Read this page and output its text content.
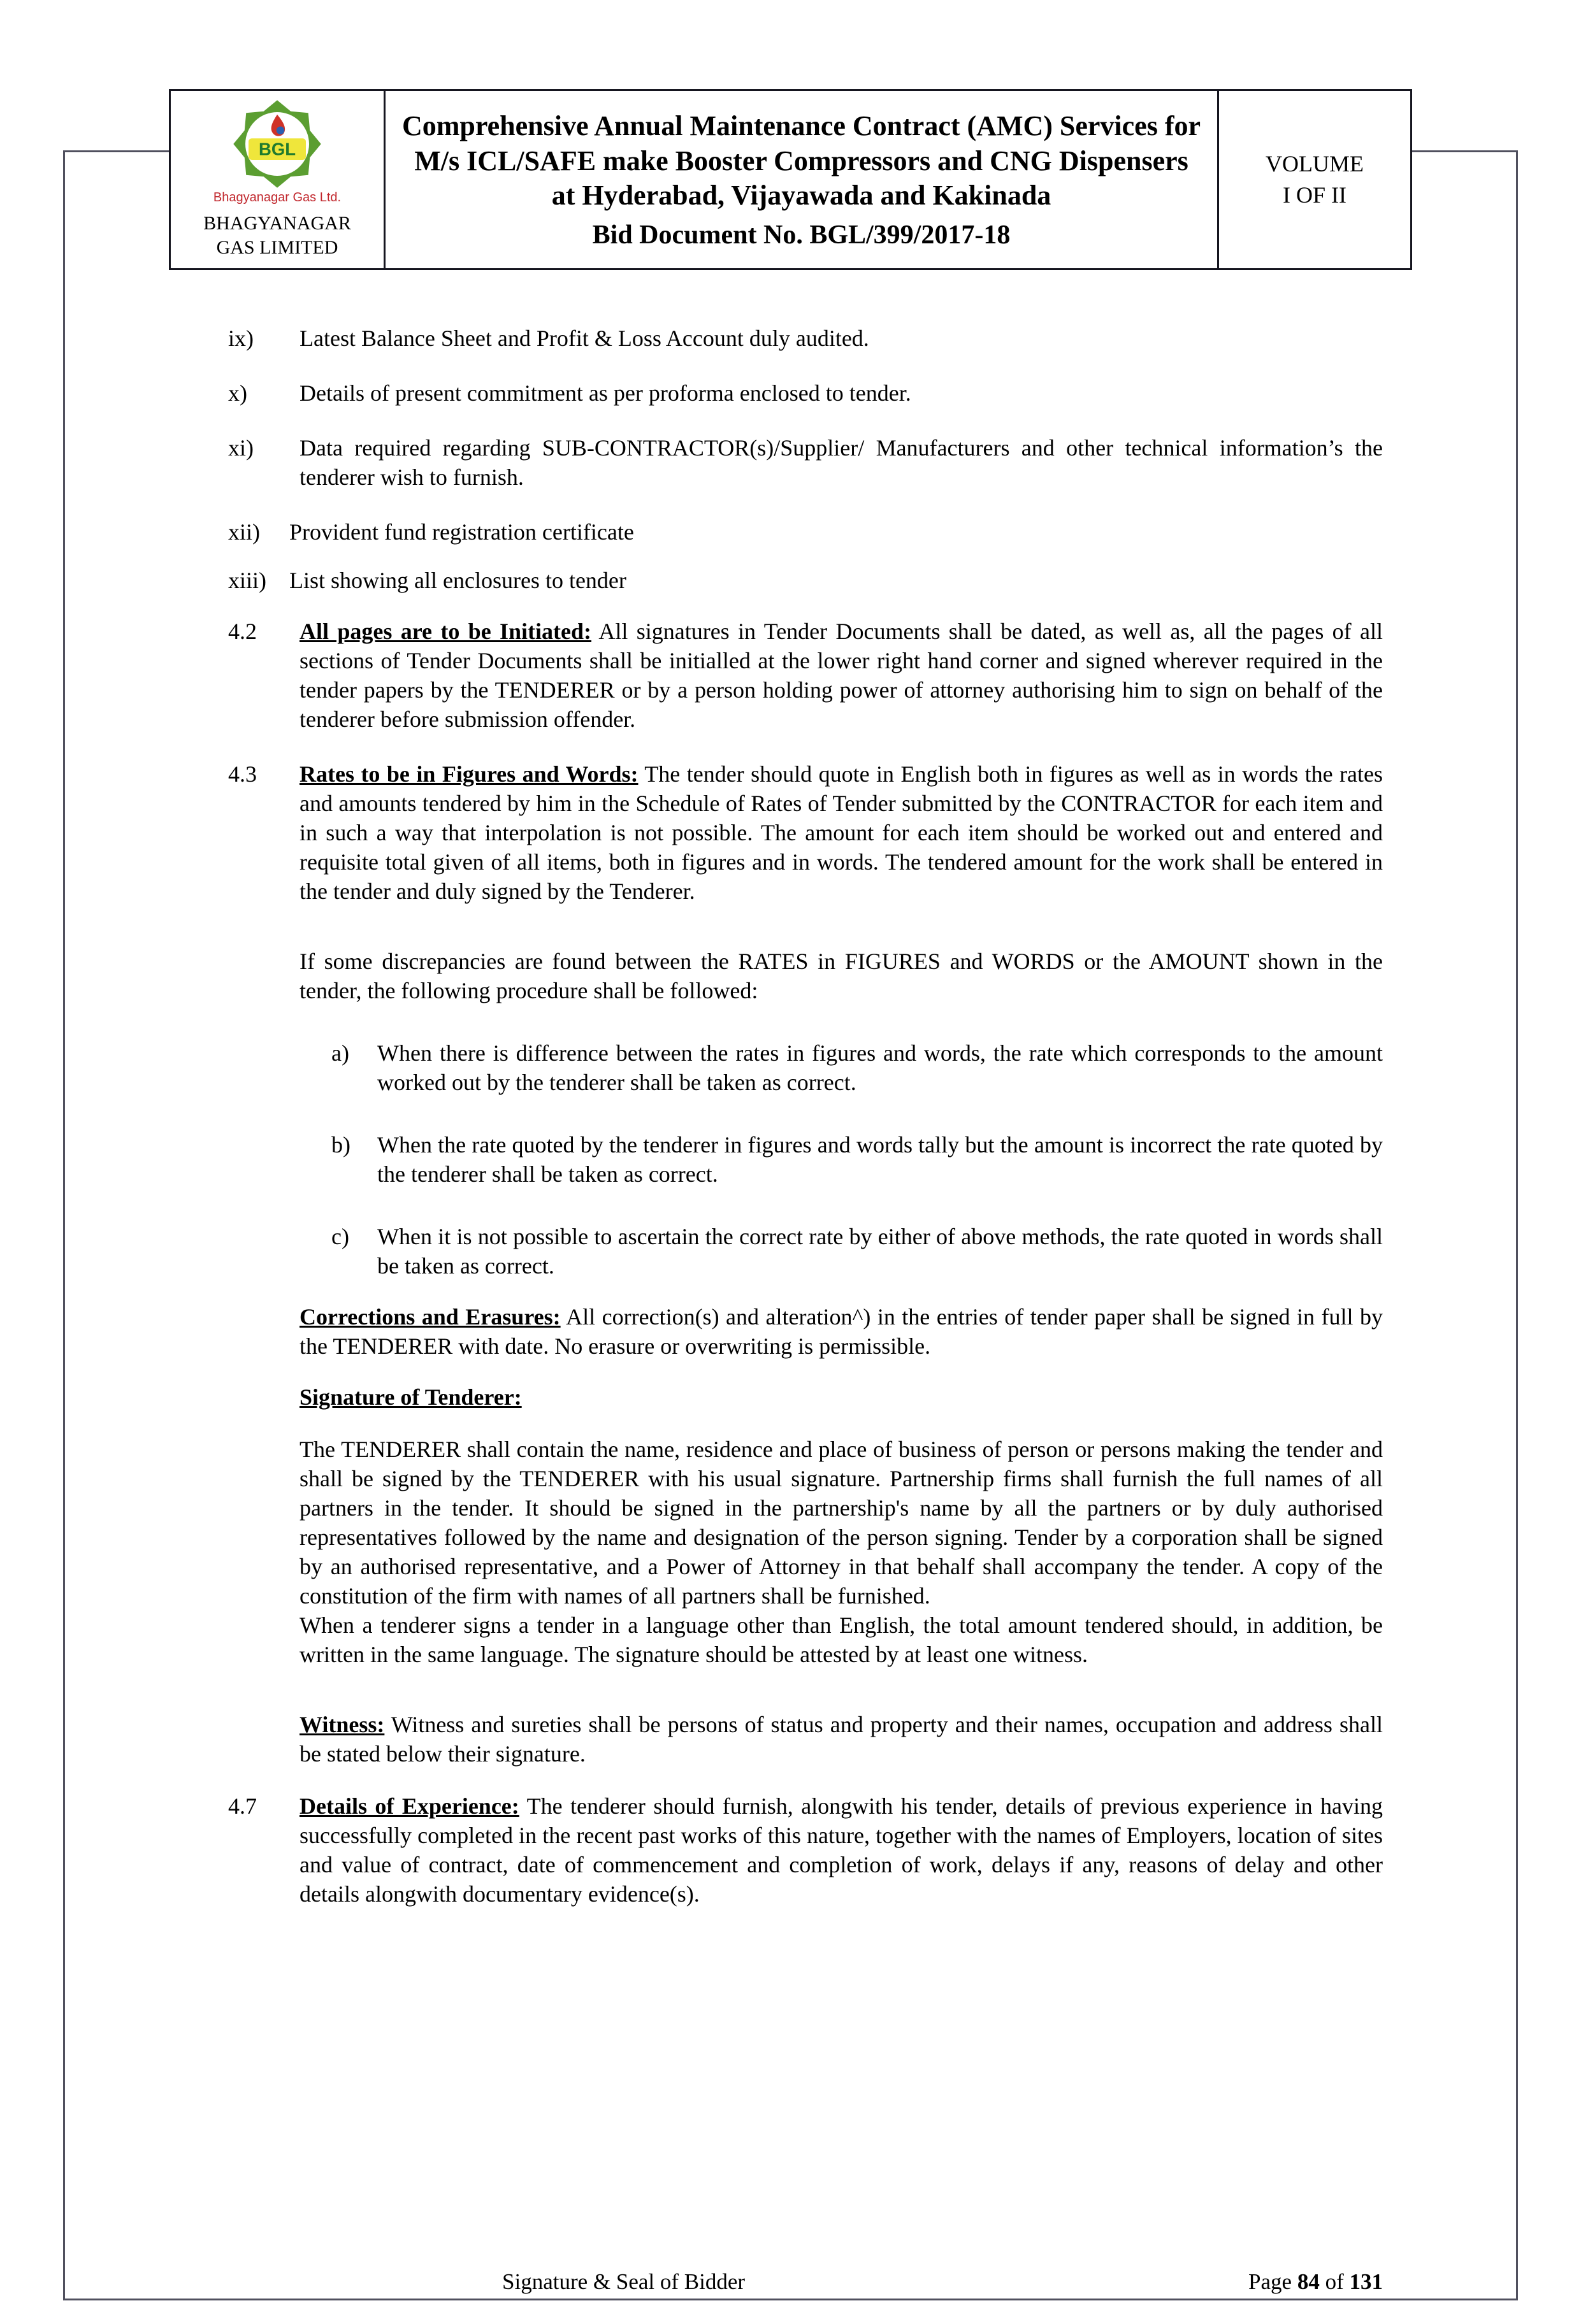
BGL
Bhagyanagar Gas Ltd.
BHAGYANAGAR
GAS LIMITED
Comprehensive Annual Maintenance Contract (AMC) Services for M/s ICL/SAFE make Booster Compressors and CNG Dispensers at Hyderabad, Vijayawada and Kakinada
Bid Document No. BGL/399/2017-18
VOLUME
I OF II
ix)	Latest Balance Sheet and Profit & Loss Account duly audited.
x)	Details of present commitment as per proforma enclosed to tender.
xi)	Data required regarding SUB-CONTRACTOR(s)/Supplier/ Manufacturers and other technical information’s the tenderer wish to furnish.
xii)	Provident fund registration certificate
xiii)	List showing all enclosures to tender
4.2	All pages are to be Initiated: All signatures in Tender Documents shall be dated, as well as, all the pages of all sections of Tender Documents shall be initialled at the lower right hand corner and signed wherever required in the tender papers by the TENDERER or by a person holding power of attorney authorising him to sign on behalf of the tenderer before submission offender.
4.3	Rates to be in Figures and Words: The tender should quote in English both in figures as well as in words the rates and amounts tendered by him in the Schedule of Rates of Tender submitted by the CONTRACTOR for each item and in such a way that interpolation is not possible. The amount for each item should be worked out and entered and requisite total given of all items, both in figures and in words. The tendered amount for the work shall be entered in the tender and duly signed by the Tenderer.
If some discrepancies are found between the RATES in FIGURES and WORDS or the AMOUNT shown in the tender, the following procedure shall be followed:
a)	When there is difference between the rates in figures and words, the rate which corresponds to the amount worked out by the tenderer shall be taken as correct.
b)	When the rate quoted by the tenderer in figures and words tally but the amount is incorrect the rate quoted by the tenderer shall be taken as correct.
c)	When it is not possible to ascertain the correct rate by either of above methods, the rate quoted in words shall be taken as correct.
Corrections and Erasures: All correction(s) and alteration^) in the entries of tender paper shall be signed in full by the TENDERER with date. No erasure or overwriting is permissible.
Signature of Tenderer:
The TENDERER shall contain the name, residence and place of business of person or persons making the tender and shall be signed by the TENDERER with his usual signature. Partnership firms shall furnish the full names of all partners in the tender. It should be signed in the partnership's name by all the partners or by duly authorised representatives followed by the name and designation of the person signing. Tender by a corporation shall be signed by an authorised representative, and a Power of Attorney in that behalf shall accompany the tender. A copy of the constitution of the firm with names of all partners shall be furnished.
When a tenderer signs a tender in a language other than English, the total amount tendered should, in addition, be written in the same language. The signature should be attested by at least one witness.
Witness: Witness and sureties shall be persons of status and property and their names, occupation and address shall be stated below their signature.
4.7	Details of Experience: The tenderer should furnish, alongwith his tender, details of previous experience in having successfully completed in the recent past works of this nature, together with the names of Employers, location of sites and value of contract, date of commencement and completion of work, delays if any, reasons of delay and other details alongwith documentary evidence(s).
Signature & Seal of Bidder	Page 84 of 131
